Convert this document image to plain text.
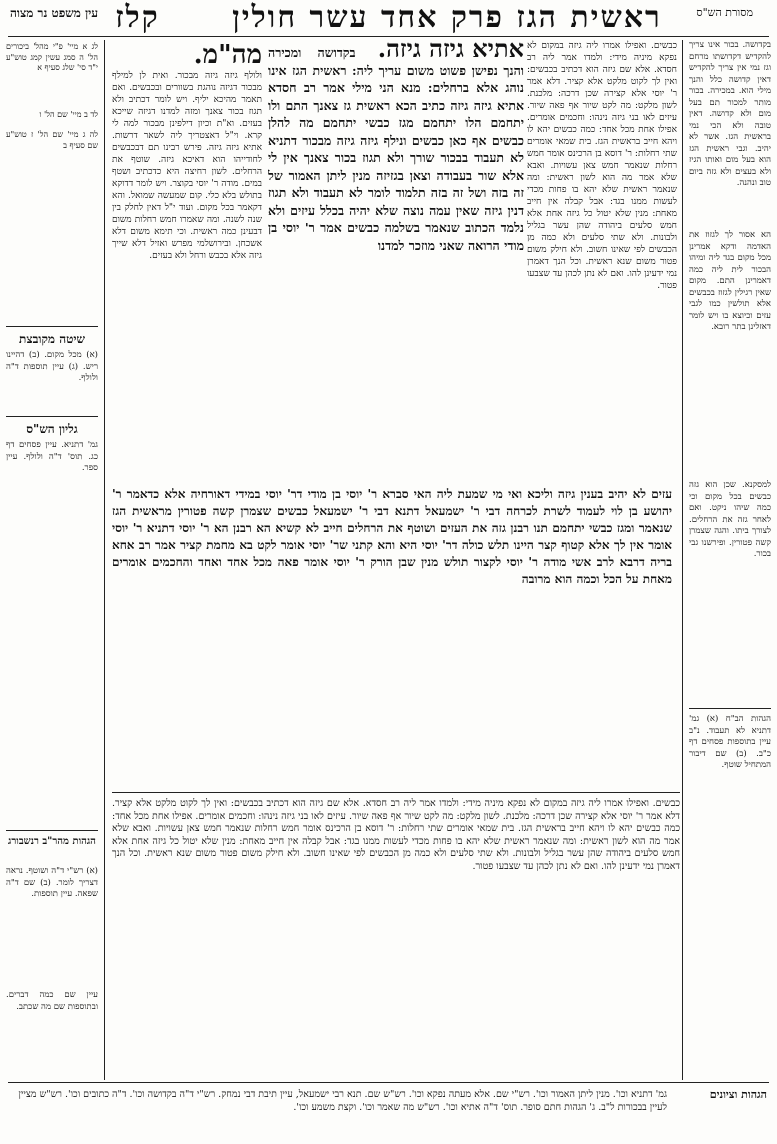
מסורת הש"ס
ראשית הגז פרק אחד עשר חולין קלז
עין משפט נר מצוה
בקדושה. בכור אינו צריך להקדיש דקדושתו מרחם וגז נמי אין צריך להקדיש דאין קדושה כלל והנך מילי הוא. במכירה. בכור מותר למכור תם בעל מום ולא קדושה. דאין טובה ולא הכי נמי בראשית הגז. אשר לא יהיב. וגבי ראשית הגז הוא בעל מום ואותו הגיז ולא בעצים ולא גזה ביום טוב ונהנה.
הא אסור לך לגזוז את האדמה ודקא אמרינן מכל מקום בגד ליה ומיהו הבכור לית ליה כמה דאמרינן התם. מקום שאין רגילין לגזוז בכבשים אלא תולשין כמו לגבי עזים וכיוצא בו ויש לומר דאזלינן בתר רובא.
למסקנא. שכן הוא גזה כבשים בכל מקום וכי כמה שיהו ניקט. ואם לאחר גזה את הרחלים. לצורך ביתו. והגה שצמרן קשה פטורין. ופירשנו גבי בכור.
הגהות הב"ח (א) גמ' דתניא לא תעבוד. נ"ב עיין בתוספות פסחים דף כ"ב. (ב) שם דיבור המתחיל שוטף.
לג א מיי' פ"י מהל' ביכורים הל' ה סמג עשין קמג טוש"ע י"ד סי' שלג סעיף א
לד ב מיי' שם הל' ו
לה ג מיי' שם הל' ז טוש"ע שם סעיף ב
שיטה מקובצת
(א) מכל מקום. (ב) דהיינו ריש. (ג) עיין תוספות ד"ה ולולף.
גליון הש"ס
גמ' דתניא. עיין פסחים דף כג. תוס' ד"ה ולולף. עיין ספר.
הגהות מהר"ב רנשבורג
(א) רש"י ד"ה ושוטף. נראה דצריך לומר. (ב) שם ד"ה שפאה. עיין תוספות.
עיין שם כמה דברים. ובתוספות שם מה שכתב.
כבשים. ואפילו אמרו ליה גיזה במקום לא נפקא מיניה מידי: ולמדו אמר ליה רב חסדא. אלא שם גיזה הוא דכתיב בכבשים: ואין לך לקוט מלקט אלא קציר. דלא אמר ר' יוסי אלא קצירה שכן דרכה: מלכנת. לשון מלקט: מה לקט שיור אף פאה שיור. עיזים לאו בני גיזה נינהו: וחכמים אומרים. אפילו אחת מכל אחד: כמה כבשים יהא לו ויהא חייב בראשית הגז. בית שמאי אומרים שתי רחלות: ר' דוסא בן הרכינס אומר חמש רחלות שנאמר חמש צאן עשויות. ואבא שלא אמר מה הוא לשון ראשית: ומה שנאמר ראשית שלא יהא בו פחות מכדי לעשות ממנו בגד: אבל קבלה אין חייב מאחת: מנין שלא יטול כל גיזה אחת אלא חמש סלעים ביהודה שהן עשר בגליל ולבונות. ולא שתי סלעים ולא כמה מן הכבשים לפי שאינו חשוב. ולא חילק משום פטור משום שנא ראשית. וכל הנך דאמרן נמי ידעינן להו. ואם לא נתן לכהן עד שצבעו פטור.
מה"מ.
ולולף גיזה גיזה מבכור. ואית לן למילף מבכור דגיזה נוהגת בשוורים ובכבשים. ואם תאמר מהיכא יליף. ויש לומר דכתיב ולא תגוז בכור צאנך ומזה למדנו דגיזה שייכא בעזים. וא"ת וכיון דילפינן מבכור למה לי קרא. וי"ל דאצטריך ליה לשאר דרשות. אתיא גיזה גיזה. פירש רבינו תם דבכבשים לחודייהו הוא דאיכא גיזה. שוטף את הרחלים. לשון רחיצה היא כדכתיב ושטף במים. מודה ר' יוסי בקוצר. ויש לומר דדוקא בתולש בלא כלי. קום שמעשה שמואל. והא דקאמר בכל מקום. ועוד י"ל דאין לחלק בין שנה לשנה. ומה שאמרו חמש רחלות משום דבעינן כמה ראשית. וכי תימא משום דלא אשכחן. ובירושלמי מפרש ואזיל דלא שייך גיזה אלא בכבש ורחל ולא בעזים.
אתיא גיזה גיזה. בקדושה ומכירה והנך נפישן פשוט משום עריך ליה: ראשית הגז אינו נוהג אלא ברחלים: מנא הני מילי אמר רב חסדא אתיא גיזה גיזה כתיב הכא ראשית גז צאנך התם ולו יתחמם הלו יתחמם מגז כבשי יתחמם מה להלן כבשים אף כאן כבשים ונילף גיזה גיזה מבכור דתניא לא תעבוד בבכור שורך ולא תגוז בכור צאנך אין לי אלא שור בעבודה וצאן בגזיזה מנין ליתן האמור של זה בזה ושל זה בזה תלמוד לומר לא תעבוד ולא תגוז דנין גיזה שאין עמה נוצה שלא יהיה בכלל עיזים ולא נלמד הכתוב שנאמר בשלמה כבשים אמר ר' יוסי בן מודי הרואה שאני מוזכר למדנו
עזים לא יהיב בענין גיזה וליכא ואי מי שמעת ליה האי סברא ר' יוסי בן מודי דר' יוסי במידי דאורחיה אלא כדאמר ר' יהושע בן לוי לעמוד לשרת לכרחה דבי ר' ישמעאל דתנא דבי ר' ישמעאל כבשים שצמרן קשה פטורין מראשית הגז שנאמר ומגז כבשי יתחמם תנו רבנן גזה את העזים ושוטף את הרחלים חייב לא קשיא הא רבנן הא ר' יוסי דתניא ר' יוסי אומר אין לך אלא קטוף קצר היינו תלש כולה דר' יוסי היא והא קתני שר' יוסי אומר לקט בא מחמת קציר אמר רב אחא בריה דרבא לרב אשי מודה ר' יוסי לקצור תולש מנין שבן הורק ר' יוסי אומר פאה מכל אחד ואחד והחכמים אומרים מאחת על הכל וכמה הוא מרובה
כבשים. ואפילו אמרו ליה גיזה במקום לא נפקא מיניה מידי: ולמדו אמר ליה רב חסדא. אלא שם גיזה הוא דכתיב בכבשים: ואין לך לקוט מלקט אלא קציר. דלא אמר ר' יוסי אלא קצירה שכן דרכה: מלכנת. לשון מלקט: מה לקט שיור אף פאה שיור. עיזים לאו בני גיזה נינהו: וחכמים אומרים. אפילו אחת מכל אחד: כמה כבשים יהא לו ויהא חייב בראשית הגז. בית שמאי אומרים שתי רחלות: ר' דוסא בן הרכינס אומר חמש רחלות שנאמר חמש צאן עשויות. ואבא שלא אמר מה הוא לשון ראשית: ומה שנאמר ראשית שלא יהא בו פחות מכדי לעשות ממנו בגד: אבל קבלה אין חייב מאחת: מנין שלא יטול כל גיזה אחת אלא חמש סלעים ביהודה שהן עשר בגליל ולבונות. ולא שתי סלעים ולא כמה מן הכבשים לפי שאינו חשוב. ולא חילק משום פטור משום שנא ראשית. וכל הנך דאמרן נמי ידעינן להו. ואם לא נתן לכהן עד שצבעו פטור.
הגהות וציונים
גמ' דתניא וכו'. מנין ליתן האמור וכו'. רש"י שם. אלא מעתה נפקא וכו'. רש"ש שם. תנא רבי ישמעאל, עיין תיבת דבי נמחק. רש"י ד"ה בקדושה וכו'. ד"ה כתובים וכו'. רש"ש מציין לעיין בבכורות ל"ב. ג' הגהות חתם סופר. תוס' ד"ה אתיא וכו'. רש"ש מה שאמר וכו'. וקצת משמע וכו'.
